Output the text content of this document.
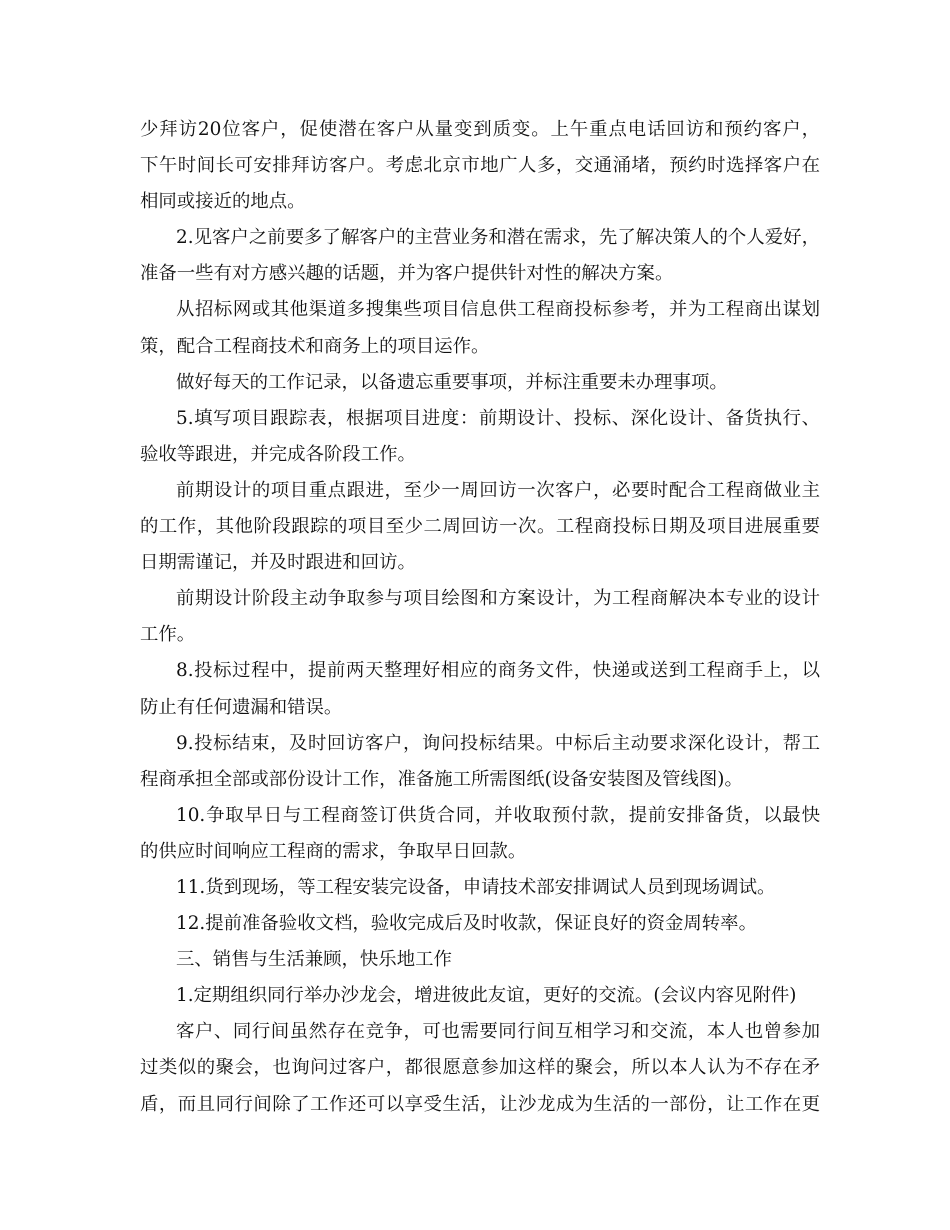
少拜访20位客户，促使潜在客户从量变到质变。上午重点电话回访和预约客户，
下午时间长可安排拜访客户。考虑北京市地广人多，交通涌堵，预约时选择客户在
相同或接近的地点。
2.见客户之前要多了解客户的主营业务和潜在需求，先了解决策人的个人爱好，
准备一些有对方感兴趣的话题，并为客户提供针对性的解决方案。
从招标网或其他渠道多搜集些项目信息供工程商投标参考，并为工程商出谋划
策，配合工程商技术和商务上的项目运作。
做好每天的工作记录，以备遗忘重要事项，并标注重要未办理事项。
5.填写项目跟踪表，根据项目进度：前期设计、投标、深化设计、备货执行、
验收等跟进，并完成各阶段工作。
前期设计的项目重点跟进，至少一周回访一次客户，必要时配合工程商做业主
的工作，其他阶段跟踪的项目至少二周回访一次。工程商投标日期及项目进展重要
日期需谨记，并及时跟进和回访。
前期设计阶段主动争取参与项目绘图和方案设计，为工程商解决本专业的设计
工作。
8.投标过程中，提前两天整理好相应的商务文件，快递或送到工程商手上，以
防止有任何遗漏和错误。
9.投标结束，及时回访客户，询问投标结果。中标后主动要求深化设计，帮工
程商承担全部或部份设计工作，准备施工所需图纸(设备安装图及管线图)。
10.争取早日与工程商签订供货合同，并收取预付款，提前安排备货，以最快
的供应时间响应工程商的需求，争取早日回款。
11.货到现场，等工程安装完设备，申请技术部安排调试人员到现场调试。
12.提前准备验收文档，验收完成后及时收款，保证良好的资金周转率。
三、销售与生活兼顾，快乐地工作
1.定期组织同行举办沙龙会，增进彼此友谊，更好的交流。(会议内容见附件)
客户、同行间虽然存在竞争，可也需要同行间互相学习和交流，本人也曾参加
过类似的聚会，也询问过客户，都很愿意参加这样的聚会，所以本人认为不存在矛
盾，而且同行间除了工作还可以享受生活，让沙龙成为生活的一部份，让工作在更
